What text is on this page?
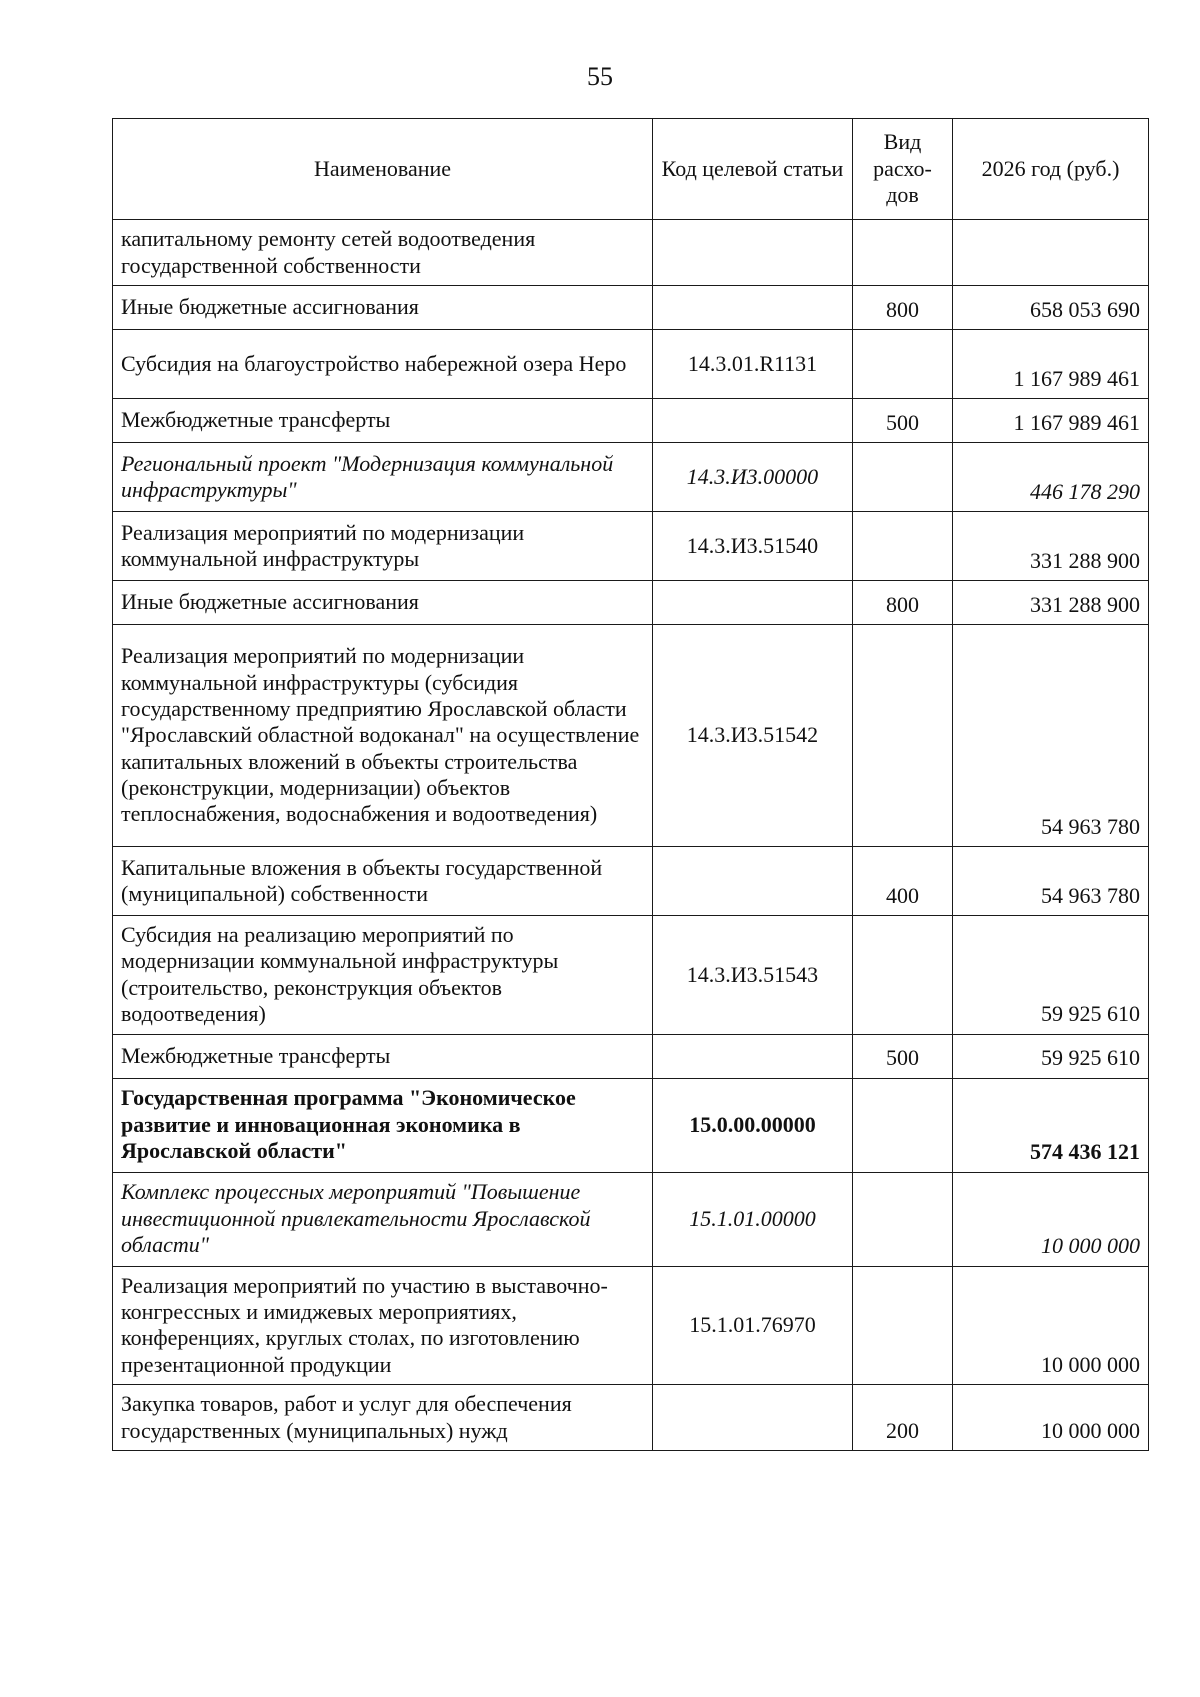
55
Наименование	Код целевой статьи	Вид расхо-дов	2026 год (руб.)
капитальному ремонту сетей водоотведения государственной собственности			
Иные бюджетные ассигнования		800	658 053 690
Субсидия на благоустройство набережной озера Неро	14.3.01.R1131		1 167 989 461
Межбюджетные трансферты		500	1 167 989 461
Региональный проект "Модернизация коммунальной инфраструктуры"	14.3.И3.00000		446 178 290
Реализация мероприятий по модернизации коммунальной инфраструктуры	14.3.И3.51540		331 288 900
Иные бюджетные ассигнования		800	331 288 900
Реализация мероприятий по модернизации коммунальной инфраструктуры (субсидия государственному предприятию Ярославской области "Ярославский областной водоканал" на осуществление капитальных вложений в объекты строительства (реконструкции, модернизации) объектов теплоснабжения, водоснабжения и водоотведения)	14.3.И3.51542		54 963 780
Капитальные вложения в объекты государственной (муниципальной) собственности		400	54 963 780
Субсидия на реализацию мероприятий по модернизации коммунальной инфраструктуры (строительство, реконструкция объектов водоотведения)	14.3.И3.51543		59 925 610
Межбюджетные трансферты		500	59 925 610
Государственная программа "Экономическое развитие и инновационная экономика в Ярославской области"	15.0.00.00000		574 436 121
Комплекс процессных мероприятий "Повышение инвестиционной привлекательности Ярославской области"	15.1.01.00000		10 000 000
Реализация мероприятий по участию в выставочно-конгрессных и имиджевых мероприятиях, конференциях, круглых столах, по изготовлению презентационной продукции	15.1.01.76970		10 000 000
Закупка товаров, работ и услуг для обеспечения государственных (муниципальных) нужд		200	10 000 000
